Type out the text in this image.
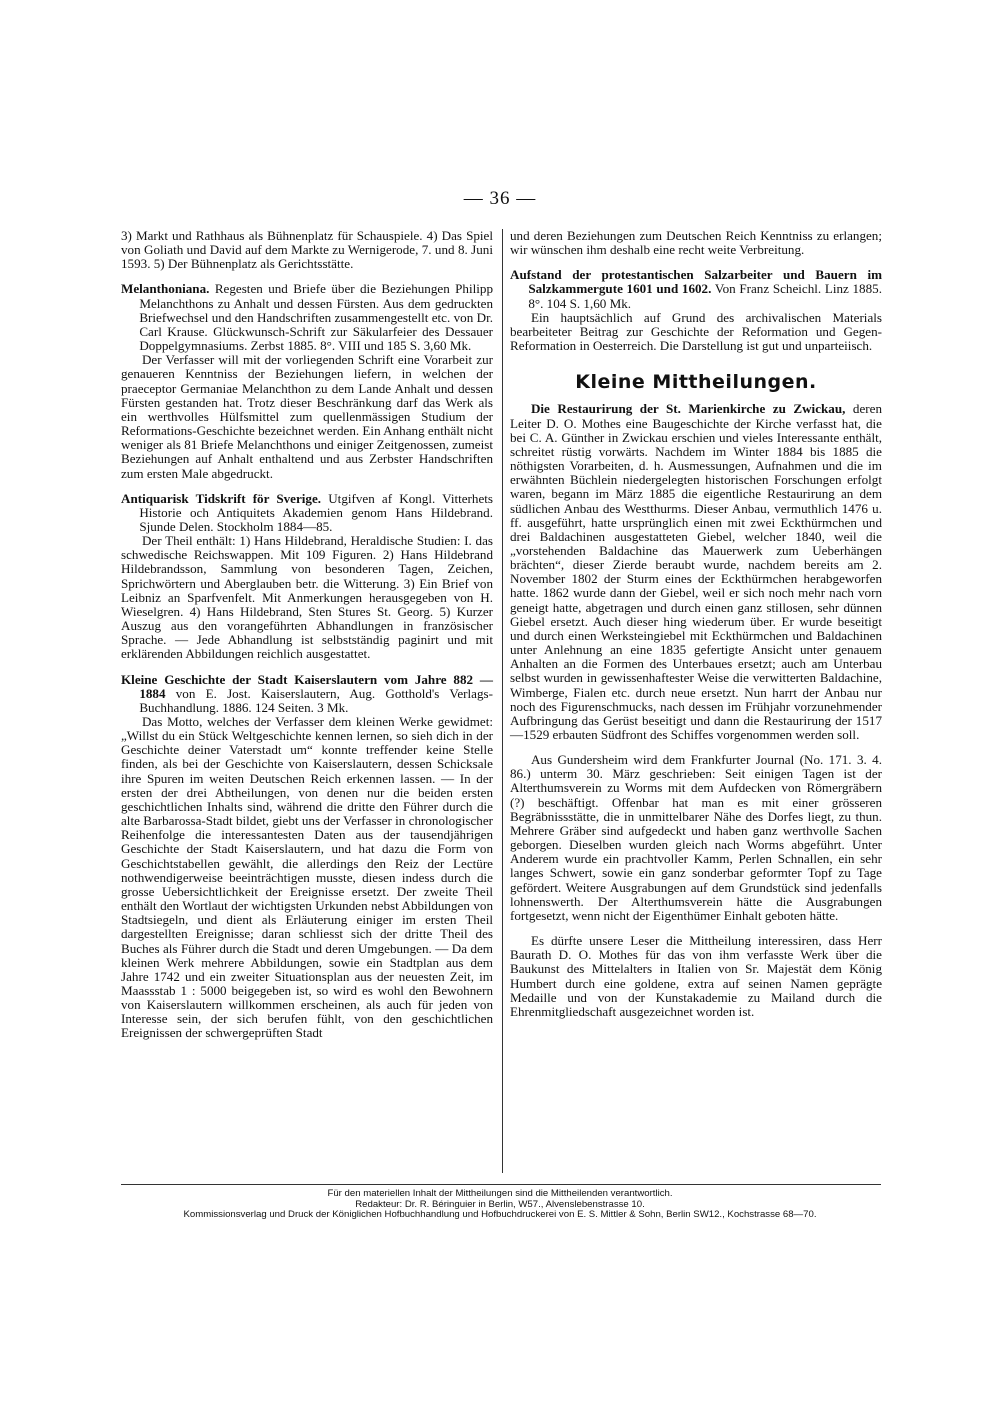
— 36 —

3) Markt und Rathhaus als Bühnenplatz für Schauspiele. 4) Das Spiel von Goliath und David auf dem Markte zu Wernigerode, 7. und 8. Juni 1593. 5) Der Bühnenplatz als Gerichtsstätte.

Melanthoniana. Regesten und Briefe über die Beziehungen Philipp Melanchthons zu Anhalt und dessen Fürsten. Aus dem gedruckten Briefwechsel und den Handschriften zusammengestellt etc. von Dr. Carl Krause. Glückwunsch-Schrift zur Säkularfeier des Dessauer Doppelgymnasiums. Zerbst 1885. 8°. VIII und 185 S. 3,60 Mk.

Der Verfasser will mit der vorliegenden Schrift eine Vorarbeit zur genaueren Kenntniss der Beziehungen liefern, in welchen der praeceptor Germaniae Melanchthon zu dem Lande Anhalt und dessen Fürsten gestanden hat. Trotz dieser Beschränkung darf das Werk als ein werthvolles Hülfsmittel zum quellenmässigen Studium der Reformations-Geschichte bezeichnet werden. Ein Anhang enthält nicht weniger als 81 Briefe Melanchthons und einiger Zeitgenossen, zumeist Beziehungen auf Anhalt enthaltend und aus Zerbster Handschriften zum ersten Male abgedruckt.

Antiquarisk Tidskrift för Sverige. Utgifven af Kongl. Vitterhets Historie och Antiquitets Akademien genom Hans Hildebrand. Sjunde Delen. Stockholm 1884—85.

Der Theil enthält: 1) Hans Hildebrand, Heraldische Studien: I. das schwedische Reichswappen. Mit 109 Figuren. 2) Hans Hildebrand Hildebrandsson, Sammlung von besonderen Tagen, Zeichen, Sprichwörtern und Aberglauben betr. die Witterung. 3) Ein Brief von Leibniz an Sparfvenfelt. Mit Anmerkungen herausgegeben von H. Wieselgren. 4) Hans Hildebrand, Sten Stures St. Georg. 5) Kurzer Auszug aus den vorangeführten Abhandlungen in französischer Sprache. — Jede Abhandlung ist selbstständig paginirt und mit erklärenden Abbildungen reichlich ausgestattet.

Kleine Geschichte der Stadt Kaiserslautern vom Jahre 882 — 1884 von E. Jost. Kaiserslautern, Aug. Gotthold's Verlags-Buchhandlung. 1886. 124 Seiten. 3 Mk.

Das Motto, welches der Verfasser dem kleinen Werke gewidmet: „Willst du ein Stück Weltgeschichte kennen lernen, so sieh dich in der Geschichte deiner Vaterstadt um“ konnte treffender keine Stelle finden, als bei der Geschichte von Kaiserslautern, dessen Schicksale ihre Spuren im weiten Deutschen Reich erkennen lassen. — In der ersten der drei Abtheilungen, von denen nur die beiden ersten geschichtlichen Inhalts sind, während die dritte den Führer durch die alte Barbarossa-Stadt bildet, giebt uns der Verfasser in chronologischer Reihenfolge die interessantesten Daten aus der tausendjährigen Geschichte der Stadt Kaiserslautern, und hat dazu die Form von Geschichtstabellen gewählt, die allerdings den Reiz der Lectüre nothwendigerweise beeinträchtigen musste, diesen indess durch die grosse Uebersichtlichkeit der Ereignisse ersetzt. Der zweite Theil enthält den Wortlaut der wichtigsten Urkunden nebst Abbildungen von Stadtsiegeln, und dient als Erläuterung einiger im ersten Theil dargestellten Ereignisse; daran schliesst sich der dritte Theil des Buches als Führer durch die Stadt und deren Umgebungen. — Da dem kleinen Werk mehrere Abbildungen, sowie ein Stadtplan aus dem Jahre 1742 und ein zweiter Situationsplan aus der neuesten Zeit, im Maassstab 1 : 5000 beigegeben ist, so wird es wohl den Bewohnern von Kaiserslautern willkommen erscheinen, als auch für jeden von Interesse sein, der sich berufen fühlt, von den geschichtlichen Ereignissen der schwergeprüften Stadt

und deren Beziehungen zum Deutschen Reich Kenntniss zu erlangen; wir wünschen ihm deshalb eine recht weite Verbreitung.

Aufstand der protestantischen Salzarbeiter und Bauern im Salzkammergute 1601 und 1602. Von Franz Scheichl. Linz 1885. 8°. 104 S. 1,60 Mk.

Ein hauptsächlich auf Grund des archivalischen Materials bearbeiteter Beitrag zur Geschichte der Reformation und Gegen-Reformation in Oesterreich. Die Darstellung ist gut und unparteiisch.

Kleine Mittheilungen.

Die Restaurirung der St. Marienkirche zu Zwickau, deren Leiter D. O. Mothes eine Baugeschichte der Kirche verfasst hat, die bei C. A. Günther in Zwickau erschien und vieles Interessante enthält, schreitet rüstig vorwärts. Nachdem im Winter 1884 bis 1885 die nöthigsten Vorarbeiten, d. h. Ausmessungen, Aufnahmen und die im erwähnten Büchlein niedergelegten historischen Forschungen erfolgt waren, begann im März 1885 die eigentliche Restaurirung an dem südlichen Anbau des Westthurms. Dieser Anbau, vermuthlich 1476 u. ff. ausgeführt, hatte ursprünglich einen mit zwei Eckthürmchen und drei Baldachinen ausgestatteten Giebel, welcher 1840, weil die „vorstehenden Baldachine das Mauerwerk zum Ueberhängen brächten“, dieser Zierde beraubt wurde, nachdem bereits am 2. November 1802 der Sturm eines der Eckthürmchen herabgeworfen hatte. 1862 wurde dann der Giebel, weil er sich noch mehr nach vorn geneigt hatte, abgetragen und durch einen ganz stillosen, sehr dünnen Giebel ersetzt. Auch dieser hing wiederum über. Er wurde beseitigt und durch einen Werksteingiebel mit Eckthürmchen und Baldachinen unter Anlehnung an eine 1835 gefertigte Ansicht unter genauem Anhalten an die Formen des Unterbaues ersetzt; auch am Unterbau selbst wurden in gewissenhaftester Weise die verwitterten Baldachine, Wimberge, Fialen etc. durch neue ersetzt. Nun harrt der Anbau nur noch des Figurenschmucks, nach dessen im Frühjahr vorzunehmender Aufbringung das Gerüst beseitigt und dann die Restaurirung der 1517—1529 erbauten Südfront des Schiffes vorgenommen werden soll.

Aus Gundersheim wird dem Frankfurter Journal (No. 171. 3. 4. 86.) unterm 30. März geschrieben: Seit einigen Tagen ist der Alterthumsverein zu Worms mit dem Aufdecken von Römergräbern (?) beschäftigt. Offenbar hat man es mit einer grösseren Begräbnissstätte, die in unmittelbarer Nähe des Dorfes liegt, zu thun. Mehrere Gräber sind aufgedeckt und haben ganz werthvolle Sachen geborgen. Dieselben wurden gleich nach Worms abgeführt. Unter Anderem wurde ein prachtvoller Kamm, Perlen Schnallen, ein sehr langes Schwert, sowie ein ganz sonderbar geformter Topf zu Tage gefördert. Weitere Ausgrabungen auf dem Grundstück sind jedenfalls lohnenswerth. Der Alterthumsverein hätte die Ausgrabungen fortgesetzt, wenn nicht der Eigenthümer Einhalt geboten hätte.

Es dürfte unsere Leser die Mittheilung interessiren, dass Herr Baurath D. O. Mothes für das von ihm verfasste Werk über die Baukunst des Mittelalters in Italien von Sr. Majestät dem König Humbert durch eine goldene, extra auf seinen Namen geprägte Medaille und von der Kunstakademie zu Mailand durch die Ehrenmitgliedschaft ausgezeichnet worden ist.

Für den materiellen Inhalt der Mittheilungen sind die Mittheilenden verantwortlich.
Redakteur: Dr. R. Béringuier in Berlin, W57., Alvenslebenstrasse 10.
Kommissionsverlag und Druck der Königlichen Hofbuchhandlung und Hofbuchdruckerei von E. S. Mittler & Sohn, Berlin SW12., Kochstrasse 68—70.
